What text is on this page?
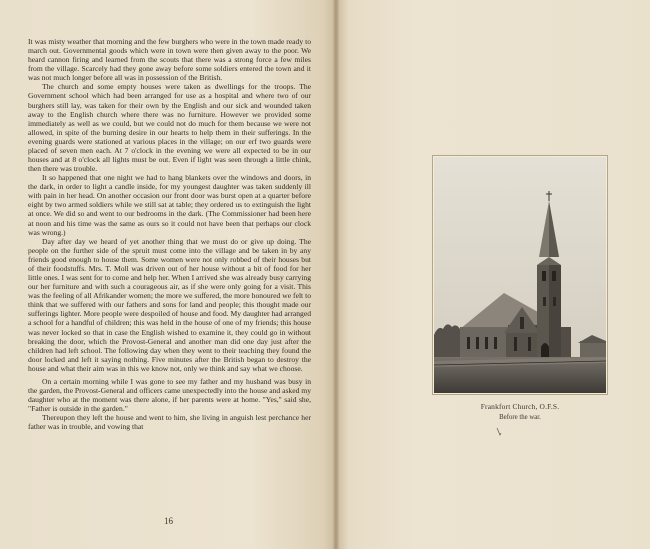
It was misty weather that morning and the few burghers who were in the town made ready to march out. Governmental goods which were in town were then given away to the poor. We heard cannon firing and learned from the scouts that there was a strong force a few miles from the village. Scarcely had they gone away before some soldiers entered the town and it was not much longer before all was in possession of the British.

The church and some empty houses were taken as dwellings for the troops. The Government school which had been arranged for use as a hospital and where two of our burghers still lay, was taken for their own by the English and our sick and wounded taken away to the English church where there was no furniture. However we provided some immediately as well as we could, but we could not do much for them because we were not allowed, in spite of the burning desire in our hearts to help them in their sufferings. In the evening guards were stationed at various places in the village; on our erf two guards were placed of seven men each. At 7 o'clock in the evening we were all expected to be in our houses and at 8 o'clock all lights must be out. Even if light was seen through a little chink, then there was trouble.

It so happened that one night we had to hang blankets over the windows and doors, in the dark, in order to light a candle inside, for my youngest daughter was taken suddenly ill with pain in her head. On another occasion our front door was burst open at a quarter before eight by two armed soldiers while we still sat at table; they ordered us to extinguish the light at once. We did so and went to our bedrooms in the dark. (The Commissioner had been here at noon and his time was the same as ours so it could not have been that perhaps our clock was wrong.)

Day after day we heard of yet another thing that we must do or give up doing. The people on the further side of the spruit must come into the village and be taken in by any friends good enough to house them. Some women were not only robbed of their houses but of their foodstuffs. Mrs. T. Moll was driven out of her house without a bit of food for her little ones. I was sent for to come and help her. When I arrived she was already busy carrying our her furniture and with such a courageous air, as if she were only going for a visit. This was the feeling of all Afrikander women; the more we suffered, the more honoured we felt to think that we suffered with our fathers and sons for land and people; this thought made our sufferings lighter. More people were despoiled of house and food. My daughter had arranged a school for a handful of children; this was held in the house of one of my friends; this house was never locked so that in case the English wished to examine it, they could go in without breaking the door, which the Provost-General and another man did one day just after the children had left school. The following day when they went to their teaching they found the door locked and left it saying nothing. Five minutes after the British began to destroy the house and what their aim was in this we know not, only we think and say what we choose.

On a certain morning while I was gone to see my father and my husband was busy in the garden, the Provost-General and officers came unexpectedly into the house and asked my daughter who at the moment was there alone, if her parents were at home. "Yes," said she, "Father is outside in the garden."

Thereupon they left the house and went to him, she living in anguish lest perchance her father was in trouble, and vowing that

16
Frankfort Church, O.F.S.
Before the war.
